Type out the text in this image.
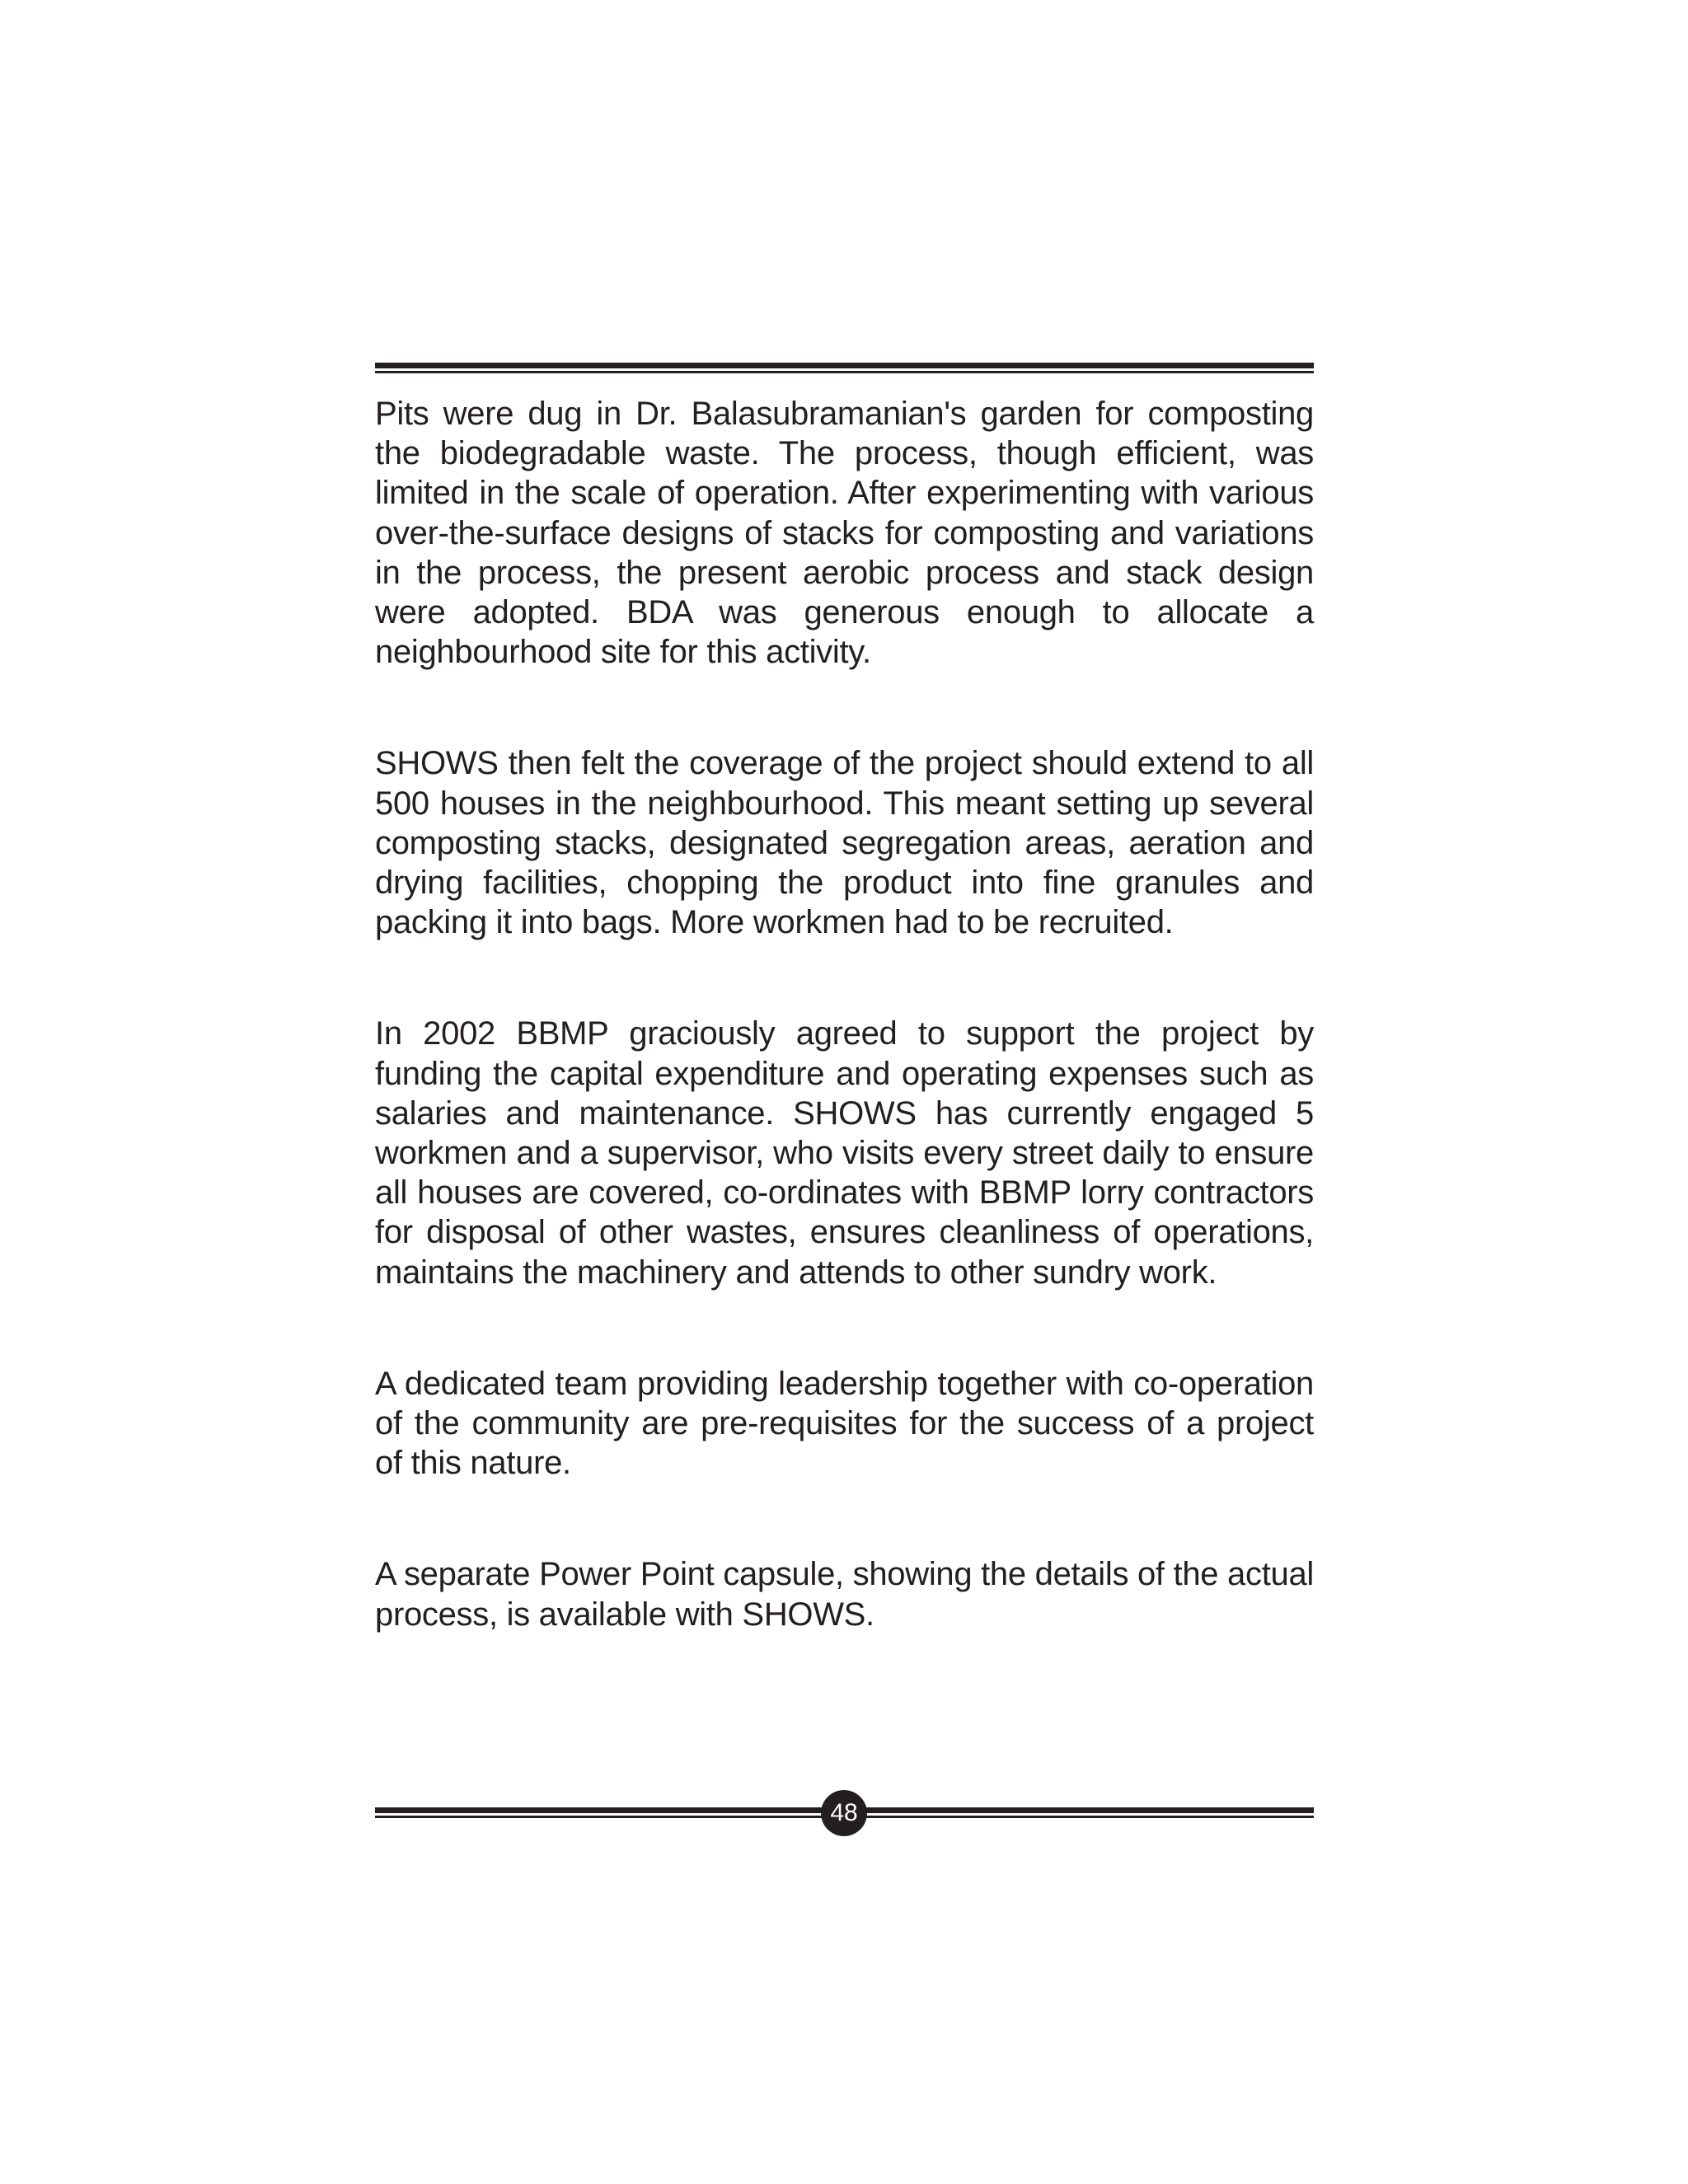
Pits were dug in Dr. Balasubramanian's garden for composting the biodegradable waste. The process, though efficient, was limited in the scale of operation. After experimenting with various over-the-surface designs of stacks for composting and variations in the process, the present aerobic process and stack design were adopted. BDA was generous enough to allocate a neighbourhood site for this activity.

SHOWS then felt the coverage of the project should extend to all 500 houses in the neighbourhood. This meant setting up several composting stacks, designated segregation areas, aeration and drying facilities, chopping the product into fine granules and packing it into bags. More workmen had to be recruited.

In 2002 BBMP graciously agreed to support the project by funding the capital expenditure and operating expenses such as salaries and maintenance. SHOWS has currently engaged 5 workmen and a supervisor, who visits every street daily to ensure all houses are covered, co-ordinates with BBMP lorry contractors for disposal of other wastes, ensures cleanliness of operations, maintains the machinery and attends to other sundry work.

A dedicated team providing leadership together with co-operation of the community are pre-requisites for the success of a project of this nature.

A separate Power Point capsule, showing the details of the actual process, is available with SHOWS.

48
